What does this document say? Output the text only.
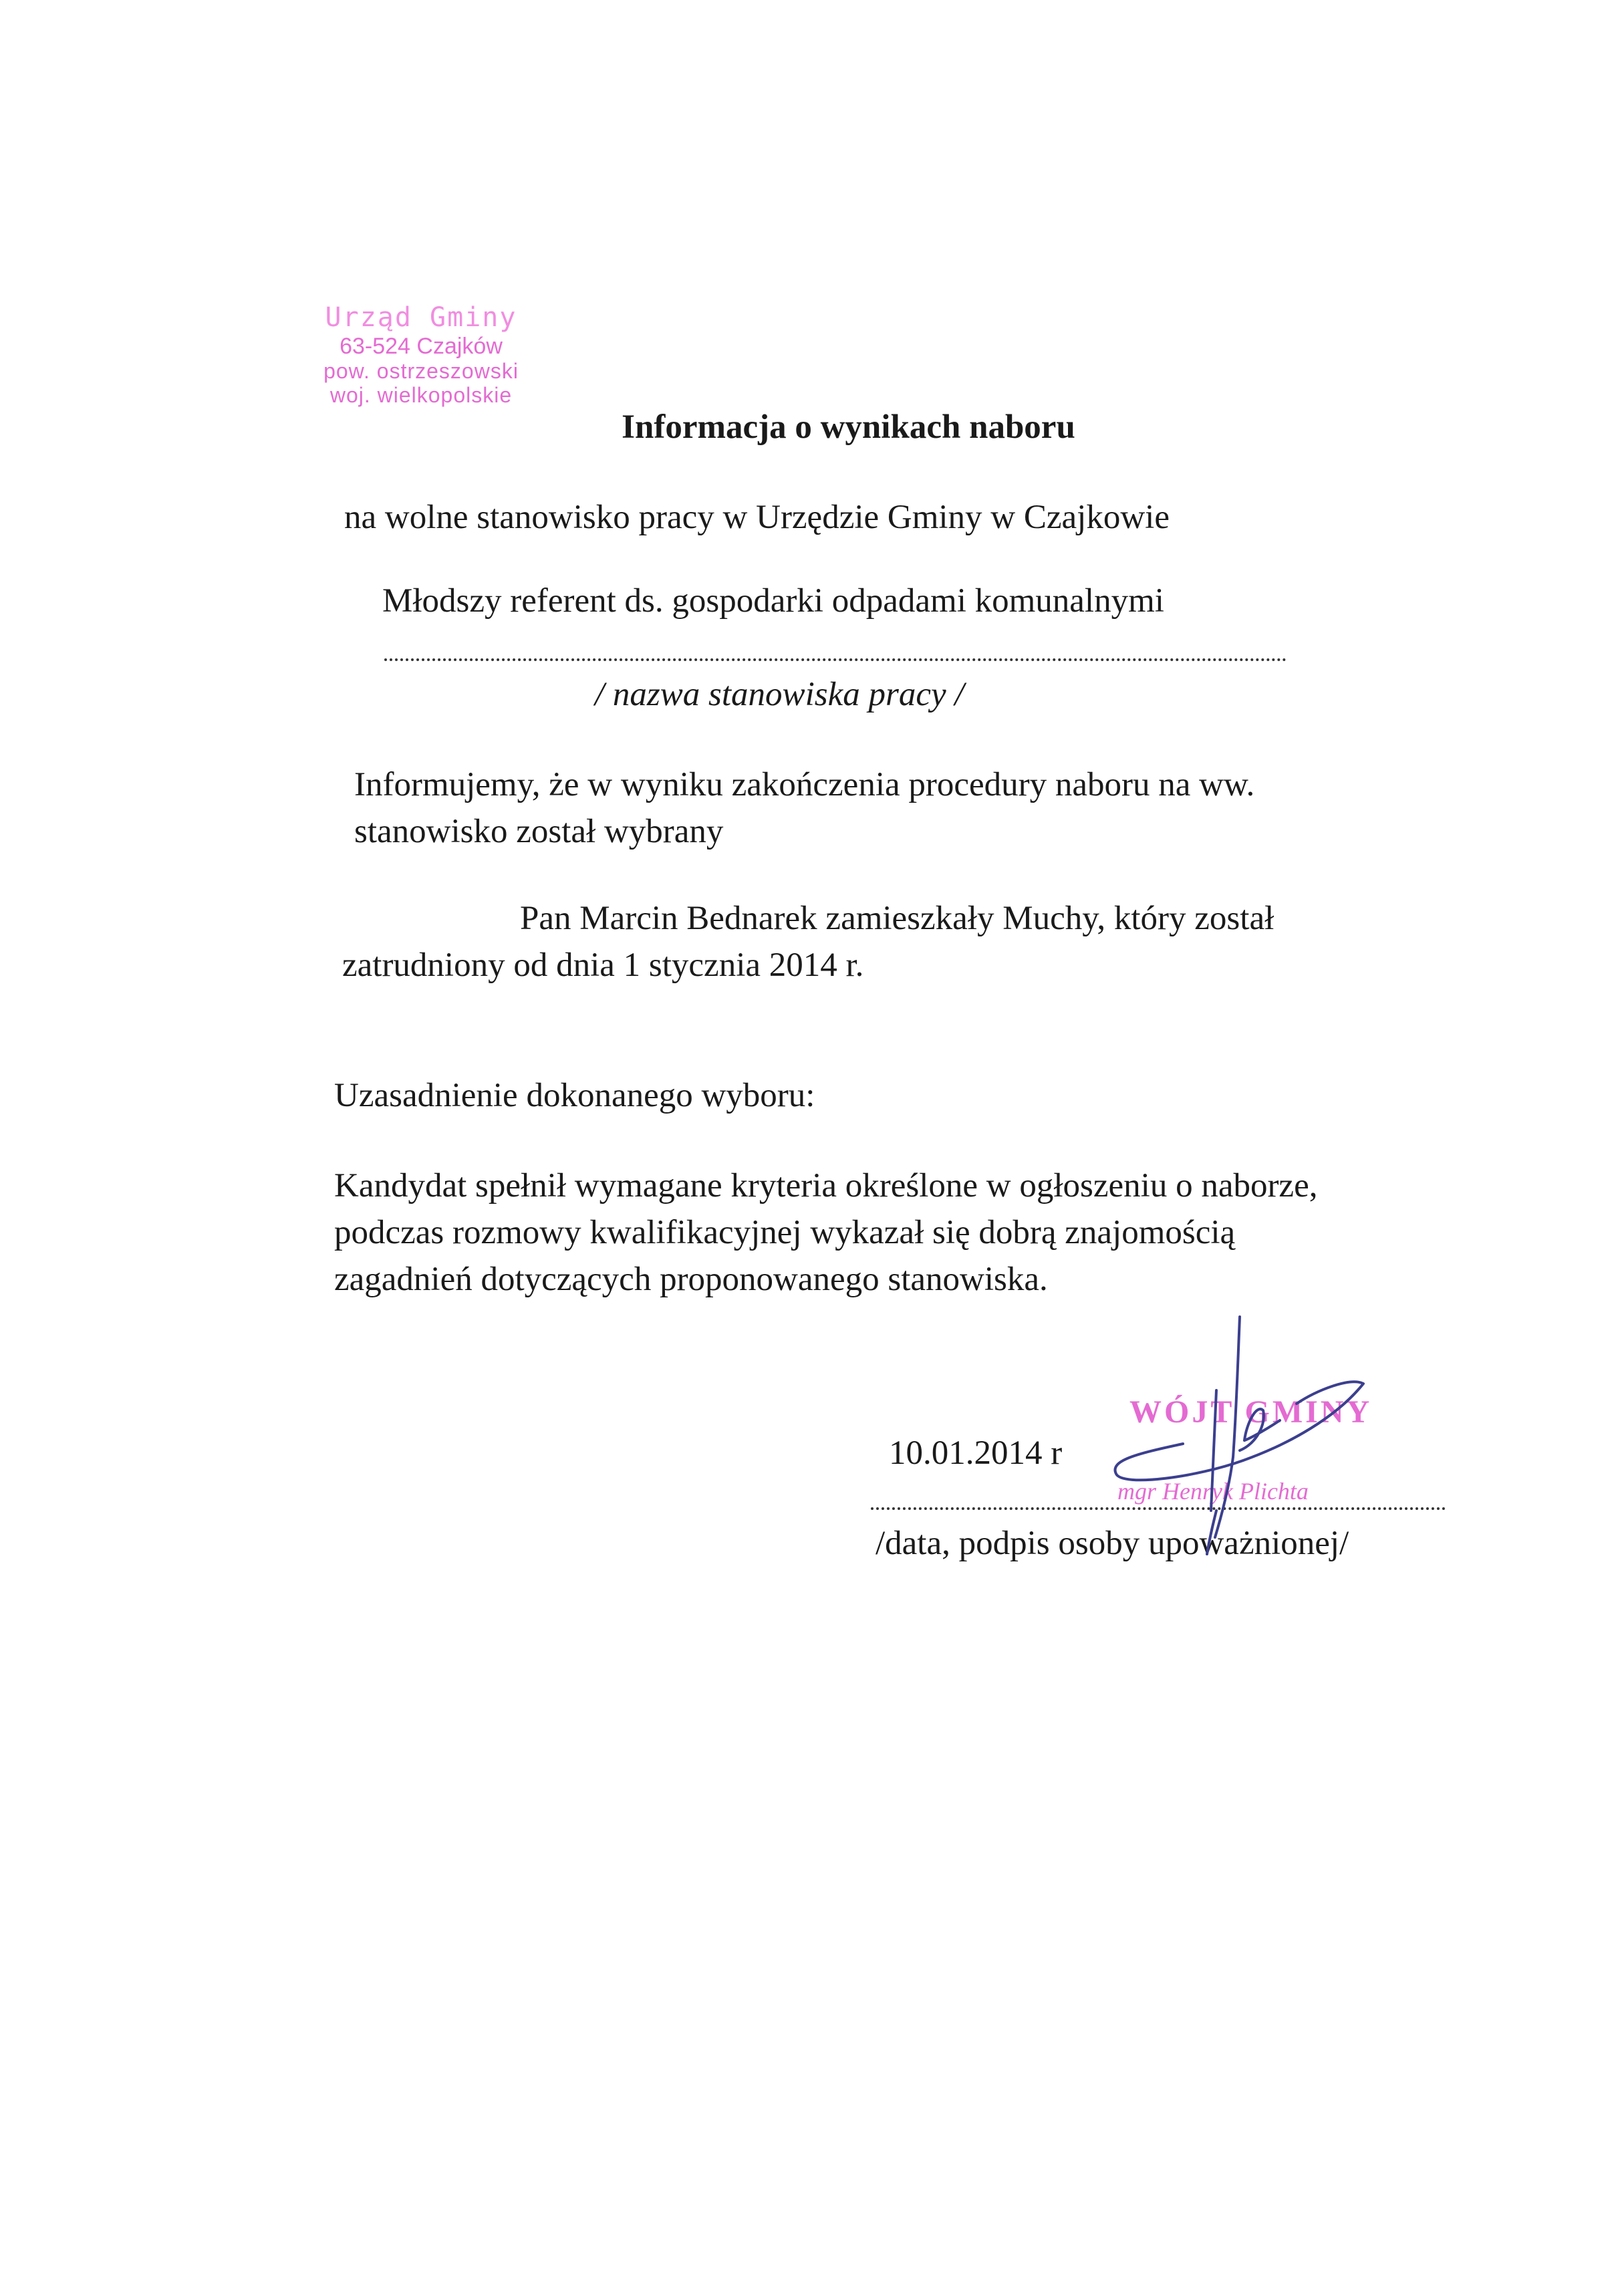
Urząd Gminy
63-524 Czajków
pow. ostrzeszowski
woj. wielkopolskie
Informacja o wynikach naboru
na wolne stanowisko pracy w Urzędzie Gminy w Czajkowie
Młodszy referent ds. gospodarki odpadami komunalnymi
/ nazwa stanowiska pracy /
Informujemy, że w wyniku zakończenia procedury naboru na ww.
stanowisko został wybrany
Pan Marcin Bednarek zamieszkały Muchy, który został
zatrudniony od dnia 1 stycznia 2014 r.
Uzasadnienie dokonanego wyboru:
Kandydat spełnił wymagane kryteria określone w ogłoszeniu o naborze,
podczas rozmowy kwalifikacyjnej wykazał się dobrą znajomością
zagadnień dotyczących proponowanego stanowiska.
WÓJT GMINY
mgr Henryk Plichta
10.01.2014 r
/data, podpis osoby upoważnionej/
